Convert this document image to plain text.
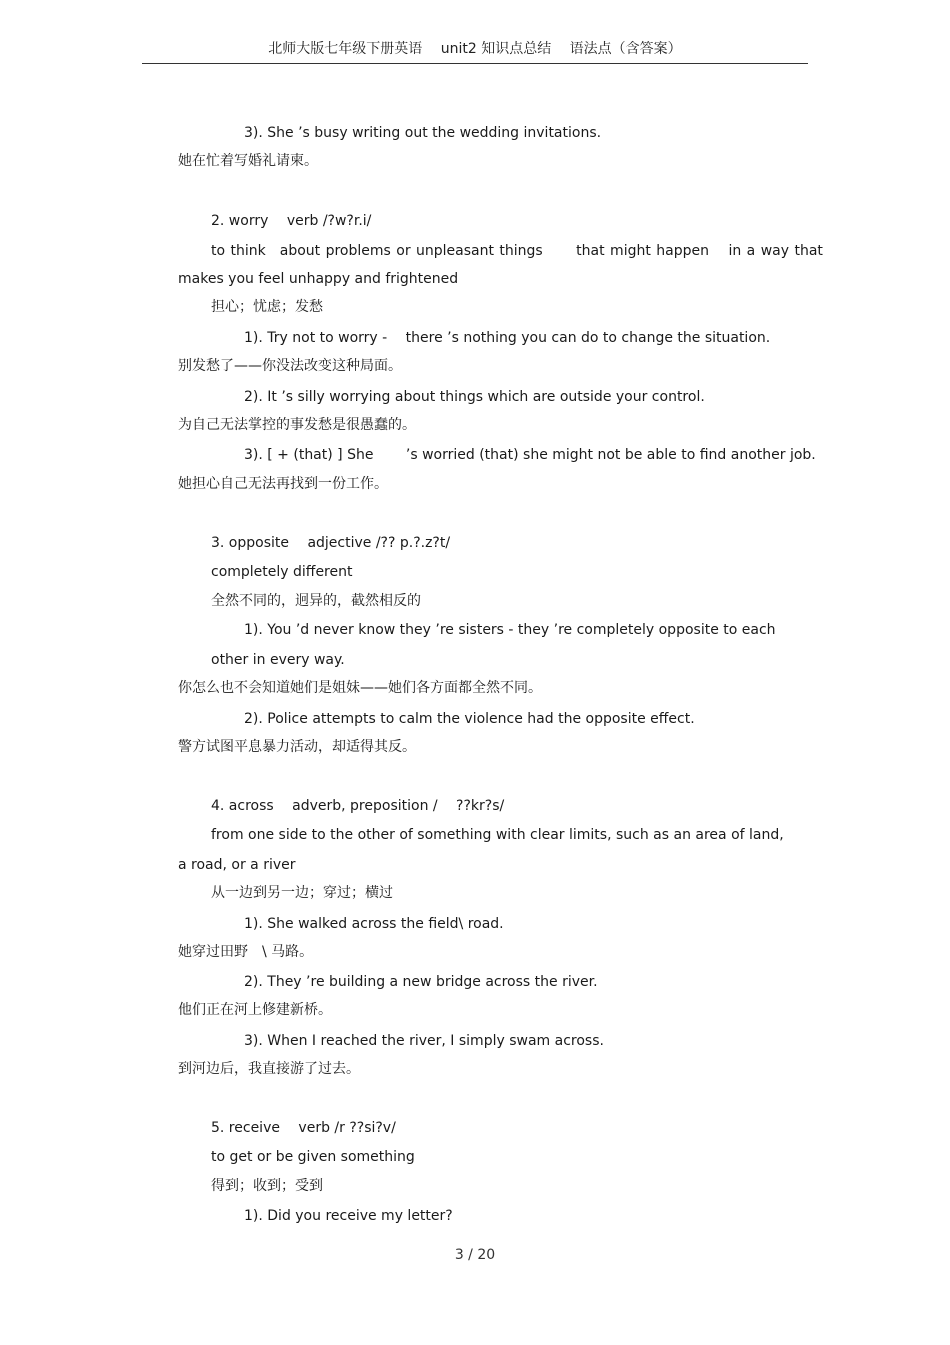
北师大版七年级下册英语　 unit2 知识点总结　 语法点（含答案）
3). She ’s busy writing out the wedding invitations.
她在忙着写婚礼请柬。
2. worry　 verb /?w?r.i/
to think　about problems or unpleasant things　　 that might happen　 in a way that
makes you feel unhappy and frightened
担心；忧虑；发愁
1). Try not to worry -　 there ’s nothing you can do to change the situation.
别发愁了——你没法改变这种局面。
2). It ’s silly worrying about things which are outside your control.
为自己无法掌控的事发愁是很愚蠢的。
3). [ + (that) ] She　　 ’s worried (that) she might not be able to find another job.
她担心自己无法再找到一份工作。
3. opposite　 adjective /?? p.?.z?t/
completely different
全然不同的，迥异的，截然相反的
1). You ’d never know they ’re sisters - they ’re completely opposite to each
other in every way.
你怎么也不会知道她们是姐妹——她们各方面都全然不同。
2). Police attempts to calm the violence had the opposite effect.
警方试图平息暴力活动，却适得其反。
4. across　 adverb, preposition /　 ??kr?s/
from one side to the other of something with clear limits, such as an area of land,
a road, or a river
从一边到另一边；穿过；横过
1). She walked across the field\ road.
她穿过田野　\ 马路。
2). They ’re building a new bridge across the river.
他们正在河上修建新桥。
3). When I reached the river, I simply swam across.
到河边后，我直接游了过去。
5. receive　 verb /r ??si?v/
to get or be given something
得到；收到；受到
1). Did you receive my letter?
3 / 20
